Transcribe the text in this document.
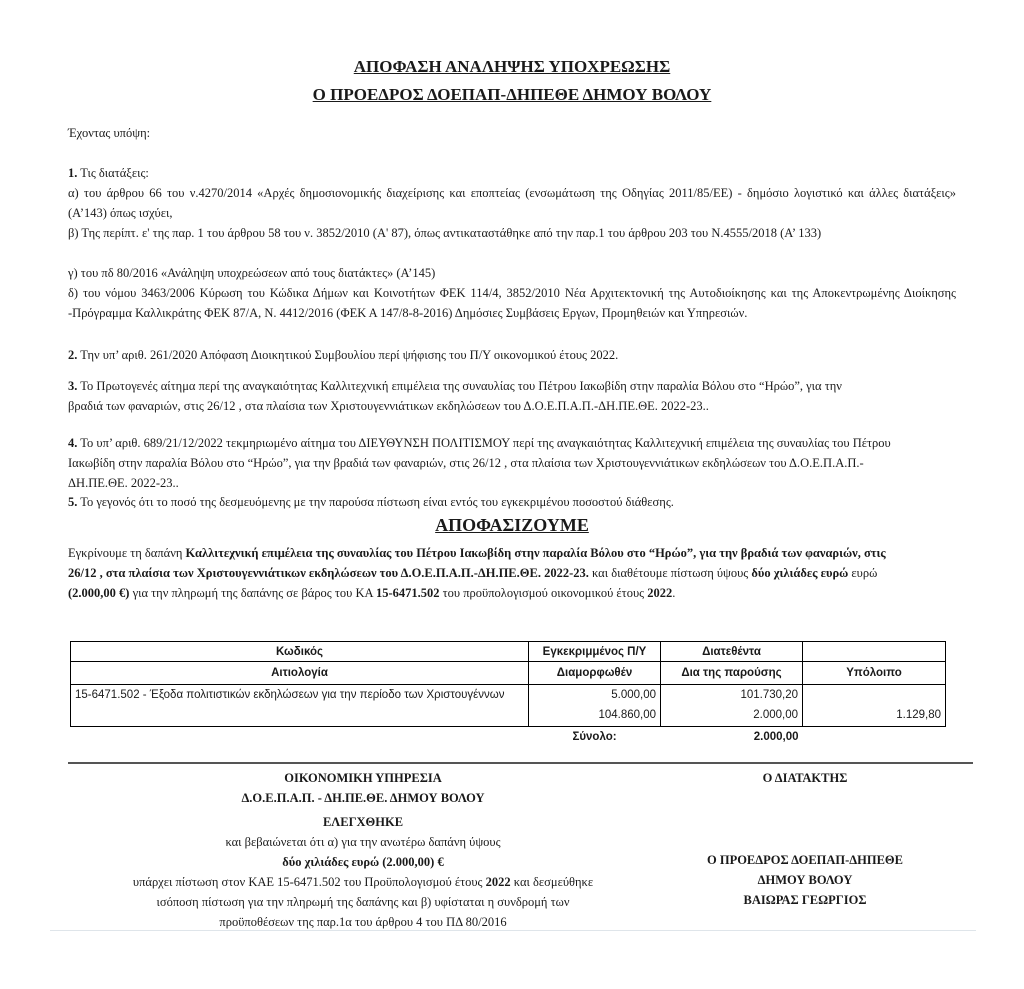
ΑΠΟΦΑΣΗ ΑΝΑΛΗΨΗΣ ΥΠΟΧΡΕΩΣΗΣ
Ο ΠΡΟΕΔΡΟΣ ΔΟΕΠΑΠ-ΔΗΠΕΘΕ ΔΗΜΟΥ ΒΟΛΟΥ
Έχοντας υπόψη:
1. Τις διατάξεις:
α) του άρθρου 66 του ν.4270/2014 «Αρχές δημοσιονομικής διαχείρισης και εποπτείας (ενσωμάτωση της Οδηγίας 2011/85/ΕΕ) - δημόσιο λογιστικό και άλλες διατάξεις» (Α’143) όπως ισχύει,
β) Της περίπτ. ε' της παρ. 1 του άρθρου 58 του ν. 3852/2010 (Α' 87), όπως αντικαταστάθηκε από την παρ.1 του άρθρου 203 του Ν.4555/2018 (Α’ 133)
γ) του πδ 80/2016 «Ανάληψη υποχρεώσεων από τους διατάκτες» (Α’145)
δ) του νόμου 3463/2006 Κύρωση του Κώδικα Δήμων και Κοινοτήτων ΦΕΚ 114/4, 3852/2010 Νέα Αρχιτεκτονική της Αυτοδιοίκησης και της Αποκεντρωμένης Διοίκησης -Πρόγραμμα Καλλικράτης ΦΕΚ 87/Α, Ν. 4412/2016 (ΦΕΚ Α 147/8-8-2016) Δημόσιες Συμβάσεις Εργων, Προμηθειών και Υπηρεσιών.
2. Την υπ’ αριθ. 261/2020 Απόφαση Διοικητικού Συμβουλίου περί ψήφισης του Π/Υ οικονομικού έτους 2022.
3. Το Πρωτογενές αίτημα περί της αναγκαιότητας Καλλιτεχνική επιμέλεια της συναυλίας του Πέτρου Ιακωβίδη στην παραλία Βόλου στο “Ηρώο”, για την βραδιά των φαναριών, στις 26/12 , στα πλαίσια των Χριστουγεννιάτικων εκδηλώσεων του Δ.Ο.Ε.Π.Α.Π.-ΔΗ.ΠΕ.ΘΕ. 2022-23..
4. Το υπ’ αριθ. 689/21/12/2022 τεκμηριωμένο αίτημα του ΔΙΕΥΘΥΝΣΗ ΠΟΛΙΤΙΣΜΟΥ περί της αναγκαιότητας Καλλιτεχνική επιμέλεια της συναυλίας του Πέτρου Ιακωβίδη στην παραλία Βόλου στο “Ηρώο”, για την βραδιά των φαναριών, στις 26/12 , στα πλαίσια των Χριστουγεννιάτικων εκδηλώσεων του Δ.Ο.Ε.Π.Α.Π.-ΔΗ.ΠΕ.ΘΕ. 2022-23..
5. Το γεγονός ότι το ποσό της δεσμευόμενης με την παρούσα πίστωση είναι εντός του εγκεκριμένου ποσοστού διάθεσης.
ΑΠΟΦΑΣΙΖΟΥΜΕ
Εγκρίνουμε τη δαπάνη Καλλιτεχνική επιμέλεια της συναυλίας του Πέτρου Ιακωβίδη στην παραλία Βόλου στο “Ηρώο”, για την βραδιά των φαναριών, στις 26/12 , στα πλαίσια των Χριστουγεννιάτικων εκδηλώσεων του Δ.Ο.Ε.Π.Α.Π.-ΔΗ.ΠΕ.ΘΕ. 2022-23. και διαθέτουμε πίστωση ύψους δύο χιλιάδες ευρώ ευρώ (2.000,00 €) για την πληρωμή της δαπάνης σε βάρος του ΚΑ 15-6471.502 του προϋπολογισμού οικονομικού έτους 2022.
Κωδικός	Εγκεκριμμένος Π/Υ	Διατεθέντα	
Αιτιολογία	Διαμορφωθέν	Δια της παρούσης	Υπόλοιπο
15-6471.502 - Έξοδα πολιτιστικών εκδηλώσεων για την περίοδο των Χριστουγέννων	5.000,00	101.730,20	
	104.860,00	2.000,00	1.129,80
	Σύνολο:	2.000,00	
ΟΙΚΟΝΟΜΙΚΗ ΥΠΗΡΕΣΙΑ
Δ.Ο.Ε.Π.Α.Π. - ΔΗ.ΠΕ.ΘΕ. ΔΗΜΟΥ ΒΟΛΟΥ
ΕΛΕΓΧΘΗΚΕ
και βεβαιώνεται ότι α) για την ανωτέρω δαπάνη ύψους
δύο χιλιάδες ευρώ (2.000,00) €
υπάρχει πίστωση στον ΚΑΕ 15-6471.502 του Προϋπολογισμού έτους 2022 και δεσμεύθηκε
ισόποση πίστωση για την πληρωμή της δαπάνης και β) υφίσταται η συνδρομή των
προϋποθέσεων της παρ.1α του άρθρου 4 του ΠΔ 80/2016
Ο ΔΙΑΤΑΚΤΗΣ
Ο ΠΡΟΕΔΡΟΣ ΔΟΕΠΑΠ-ΔΗΠΕΘΕ
ΔΗΜΟΥ ΒΟΛΟΥ
ΒΑΙΩΡΑΣ ΓΕΩΡΓΙΟΣ
